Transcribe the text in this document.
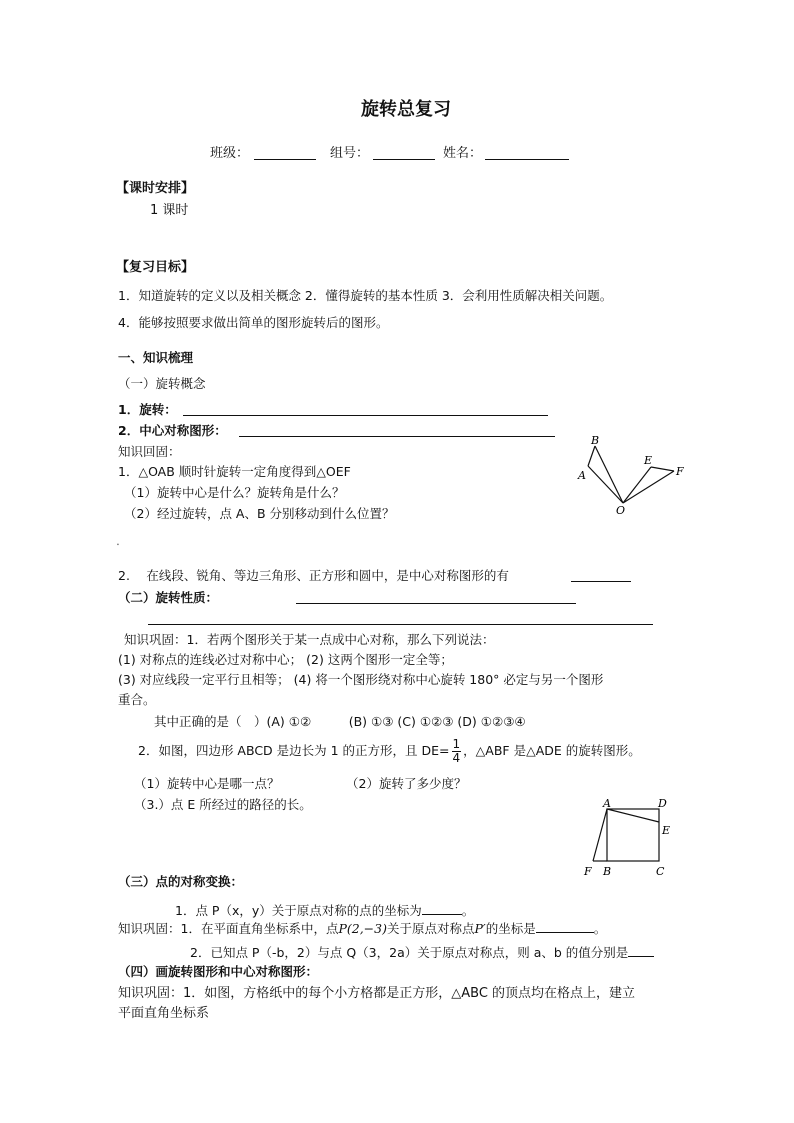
旋转总复习
班级：	组号：	姓名：
【课时安排】
1 课时
【复习目标】
1．知道旋转的定义以及相关概念 2．懂得旋转的基本性质 3．会利用性质解决相关问题。
4．能够按照要求做出简单的图形旋转后的图形。
一、知识梳理
（一）旋转概念
1．旋转：
2．中心对称图形：
知识回固：
1．△OAB 顺时针旋转一定角度得到△OEF
（1）旋转中心是什么？旋转角是什么？
（2）经过旋转，点 A、B 分别移动到什么位置？
．
A
B
E
F
O
2.　 在线段、锐角、等边三角形、正方形和圆中，是中心对称图形的有
（二）旋转性质：
知识巩固：1．若两个图形关于某一点成中心对称，那么下列说法：
(1) 对称点的连线必过对称中心； (2) 这两个图形一定全等；
(3) 对应线段一定平行且相等； (4) 将一个图形绕对称中心旋转 180° 必定与另一个图形
重合。
其中正确的是（　）(A) ①②　　　(B) ①③ (C) ①②③ (D) ①②③④
2．如图，四边形 ABCD 是边长为 1 的正方形，且 $DE= \frac{1}{4}$ ，△ABF 是△ADE 的旋转图形。
（1）旋转中心是哪一点？	（2）旋转了多少度？
（3.）点 E 所经过的路径的长。	A	D
E
F B	C
（三）点的对称变换：
1．点 P（x，y）关于原点对称的点的坐标为	。
知识巩固：1．在平面直角坐标系中，点P(2,−3)关于原点对称点P′的坐标是	。
2．已知点 P（-b，2）与点 Q（3，2a）关于原点对称点，则 a、b 的值分别是
（四）画旋转图形和中心对称图形：
知识巩固：1．如图，方格纸中的每个小方格都是正方形，△ABC 的顶点均在格点上，建立
平面直角坐标系
